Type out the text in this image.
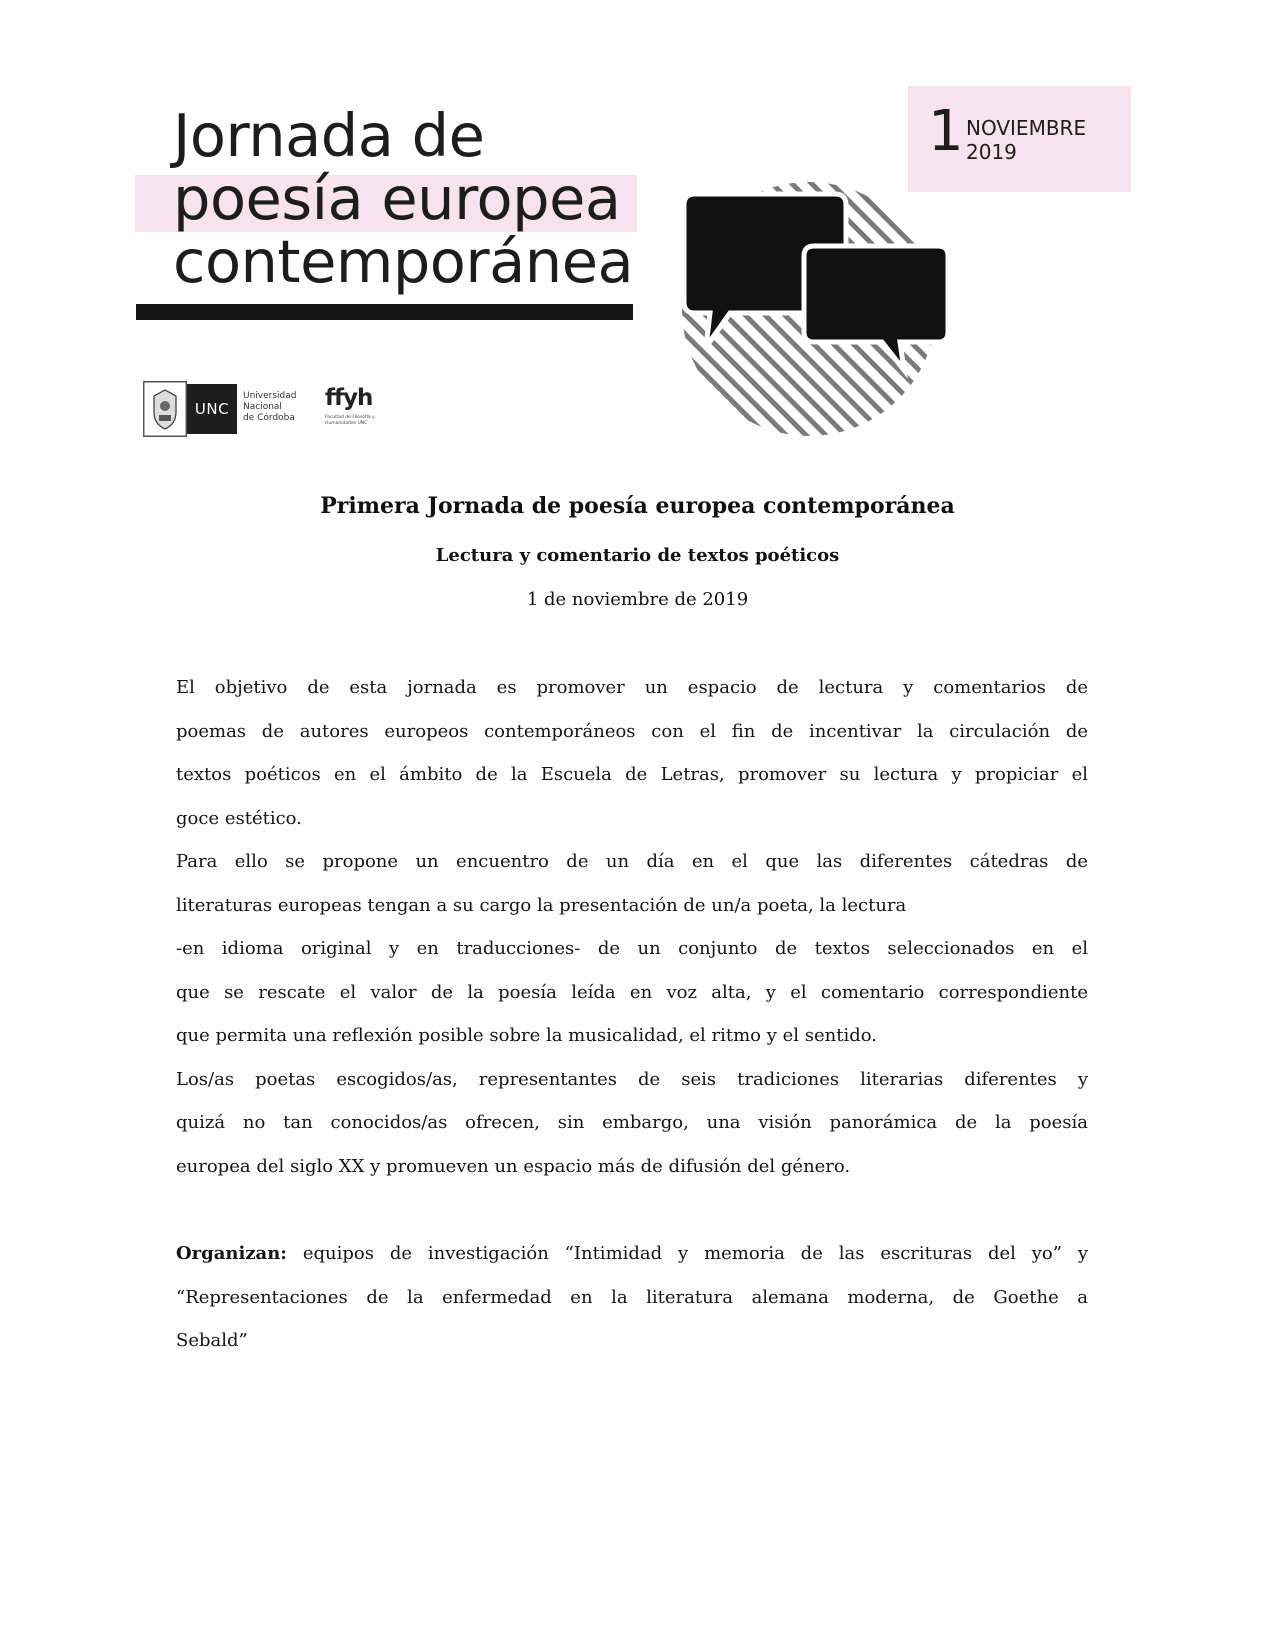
Jornada de
poesía europea
contemporánea
1 NOVIEMBRE
2019
UNC
Universidad
Nacional
de Córdoba
ffyh
Facultad de Filosofía y Humanidades UNC
Primera Jornada de poesía europea contemporánea
Lectura y comentario de textos poéticos
1 de noviembre de 2019
El objetivo de esta jornada es promover un espacio de lectura y comentarios de
poemas de autores europeos contemporáneos con el fin de incentivar la circulación de
textos poéticos en el ámbito de la Escuela de Letras, promover su lectura y propiciar el
goce estético.
Para ello se propone un encuentro de un día en el que las diferentes cátedras de
literaturas europeas tengan a su cargo la presentación de un/a poeta, la lectura
-en idioma original y en traducciones- de un conjunto de textos seleccionados en el
que se rescate el valor de la poesía leída en voz alta, y el comentario correspondiente
que permita una reflexión posible sobre la musicalidad, el ritmo y el sentido.
Los/as poetas escogidos/as, representantes de seis tradiciones literarias diferentes y
quizá no tan conocidos/as ofrecen, sin embargo, una visión panorámica de la poesía
europea del siglo XX y promueven un espacio más de difusión del género.
Organizan: equipos de investigación “Intimidad y memoria de las escrituras del yo” y
“Representaciones de la enfermedad en la literatura alemana moderna, de Goethe a
Sebald”
